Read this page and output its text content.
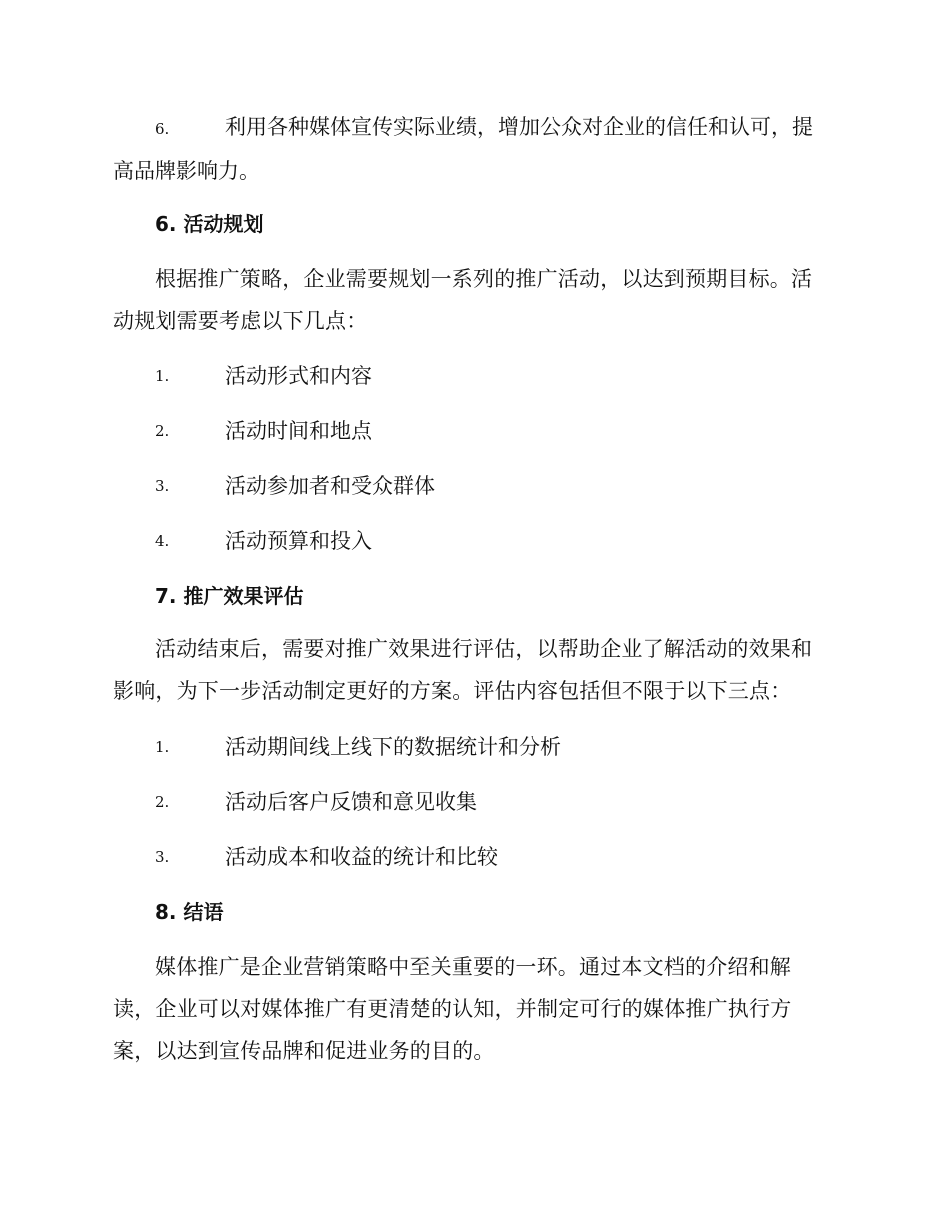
6.	利用各种媒体宣传实际业绩，增加公众对企业的信任和认可，提高品牌影响力。

6. 活动规划

根据推广策略，企业需要规划一系列的推广活动，以达到预期目标。活动规划需要考虑以下几点：

1.	活动形式和内容
2.	活动时间和地点
3.	活动参加者和受众群体
4.	活动预算和投入
7. 推广效果评估

活动结束后，需要对推广效果进行评估，以帮助企业了解活动的效果和影响，为下一步活动制定更好的方案。评估内容包括但不限于以下三点：

1.	活动期间线上线下的数据统计和分析
2.	活动后客户反馈和意见收集
3.	活动成本和收益的统计和比较
8. 结语

媒体推广是企业营销策略中至关重要的一环。通过本文档的介绍和解读，企业可以对媒体推广有更清楚的认知，并制定可行的媒体推广执行方案，以达到宣传品牌和促进业务的目的。
